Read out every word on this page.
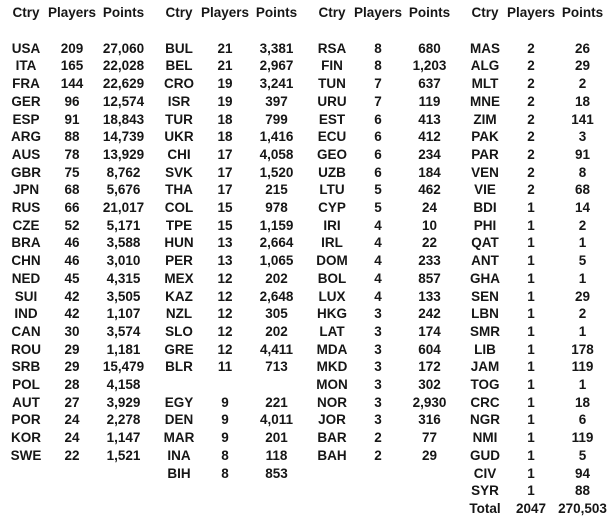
Ctry	Players	Points

USA	209	27,060
ITA	165	22,028
FRA	144	22,629
GER	96	12,574
ESP	91	18,843
ARG	88	14,739
AUS	78	13,929
GBR	75	8,762
JPN	68	5,676
RUS	66	21,017
CZE	52	5,171
BRA	46	3,588
CHN	46	3,010
NED	45	4,315
SUI	42	3,505
IND	42	1,107
CAN	30	3,574
ROU	29	1,181
SRB	29	15,479
POL	28	4,158
AUT	27	3,929
POR	24	2,278
KOR	24	1,147
SWE	22	1,521
Ctry	Players	Points

BUL	21	3,381
BEL	21	2,967
CRO	19	3,241
ISR	19	397
TUR	18	799
UKR	18	1,416
CHI	17	4,058
SVK	17	1,520
THA	17	215
COL	15	978
TPE	15	1,159
HUN	13	2,664
PER	13	1,065
MEX	12	202
KAZ	12	2,648
NZL	12	305
SLO	12	202
GRE	12	4,411
BLR	11	713

EGY	9	221
DEN	9	4,011
MAR	9	201
INA	8	118
BIH	8	853
Ctry	Players	Points

RSA	8	680
FIN	8	1,203
TUN	7	637
URU	7	119
EST	6	413
ECU	6	412
GEO	6	234
UZB	6	184
LTU	5	462
CYP	5	24
IRI	4	10
IRL	4	22
DOM	4	233
BOL	4	857
LUX	4	133
HKG	3	242
LAT	3	174
MDA	3	604
MKD	3	172
MON	3	302
NOR	3	2,930
JOR	3	316
BAR	2	77
BAH	2	29
Ctry	Players	Points

MAS	2	26
ALG	2	29
MLT	2	2
MNE	2	18
ZIM	2	141
PAK	2	3
PAR	2	91
VEN	2	8
VIE	2	68
BDI	1	14
PHI	1	2
QAT	1	1
ANT	1	5
GHA	1	1
SEN	1	29
LBN	1	2
SMR	1	1
LIB	1	178
JAM	1	119
TOG	1	1
CRC	1	18
NGR	1	6
NMI	1	119
GUD	1	5
CIV	1	94
SYR	1	88
Total	2047	270,503
